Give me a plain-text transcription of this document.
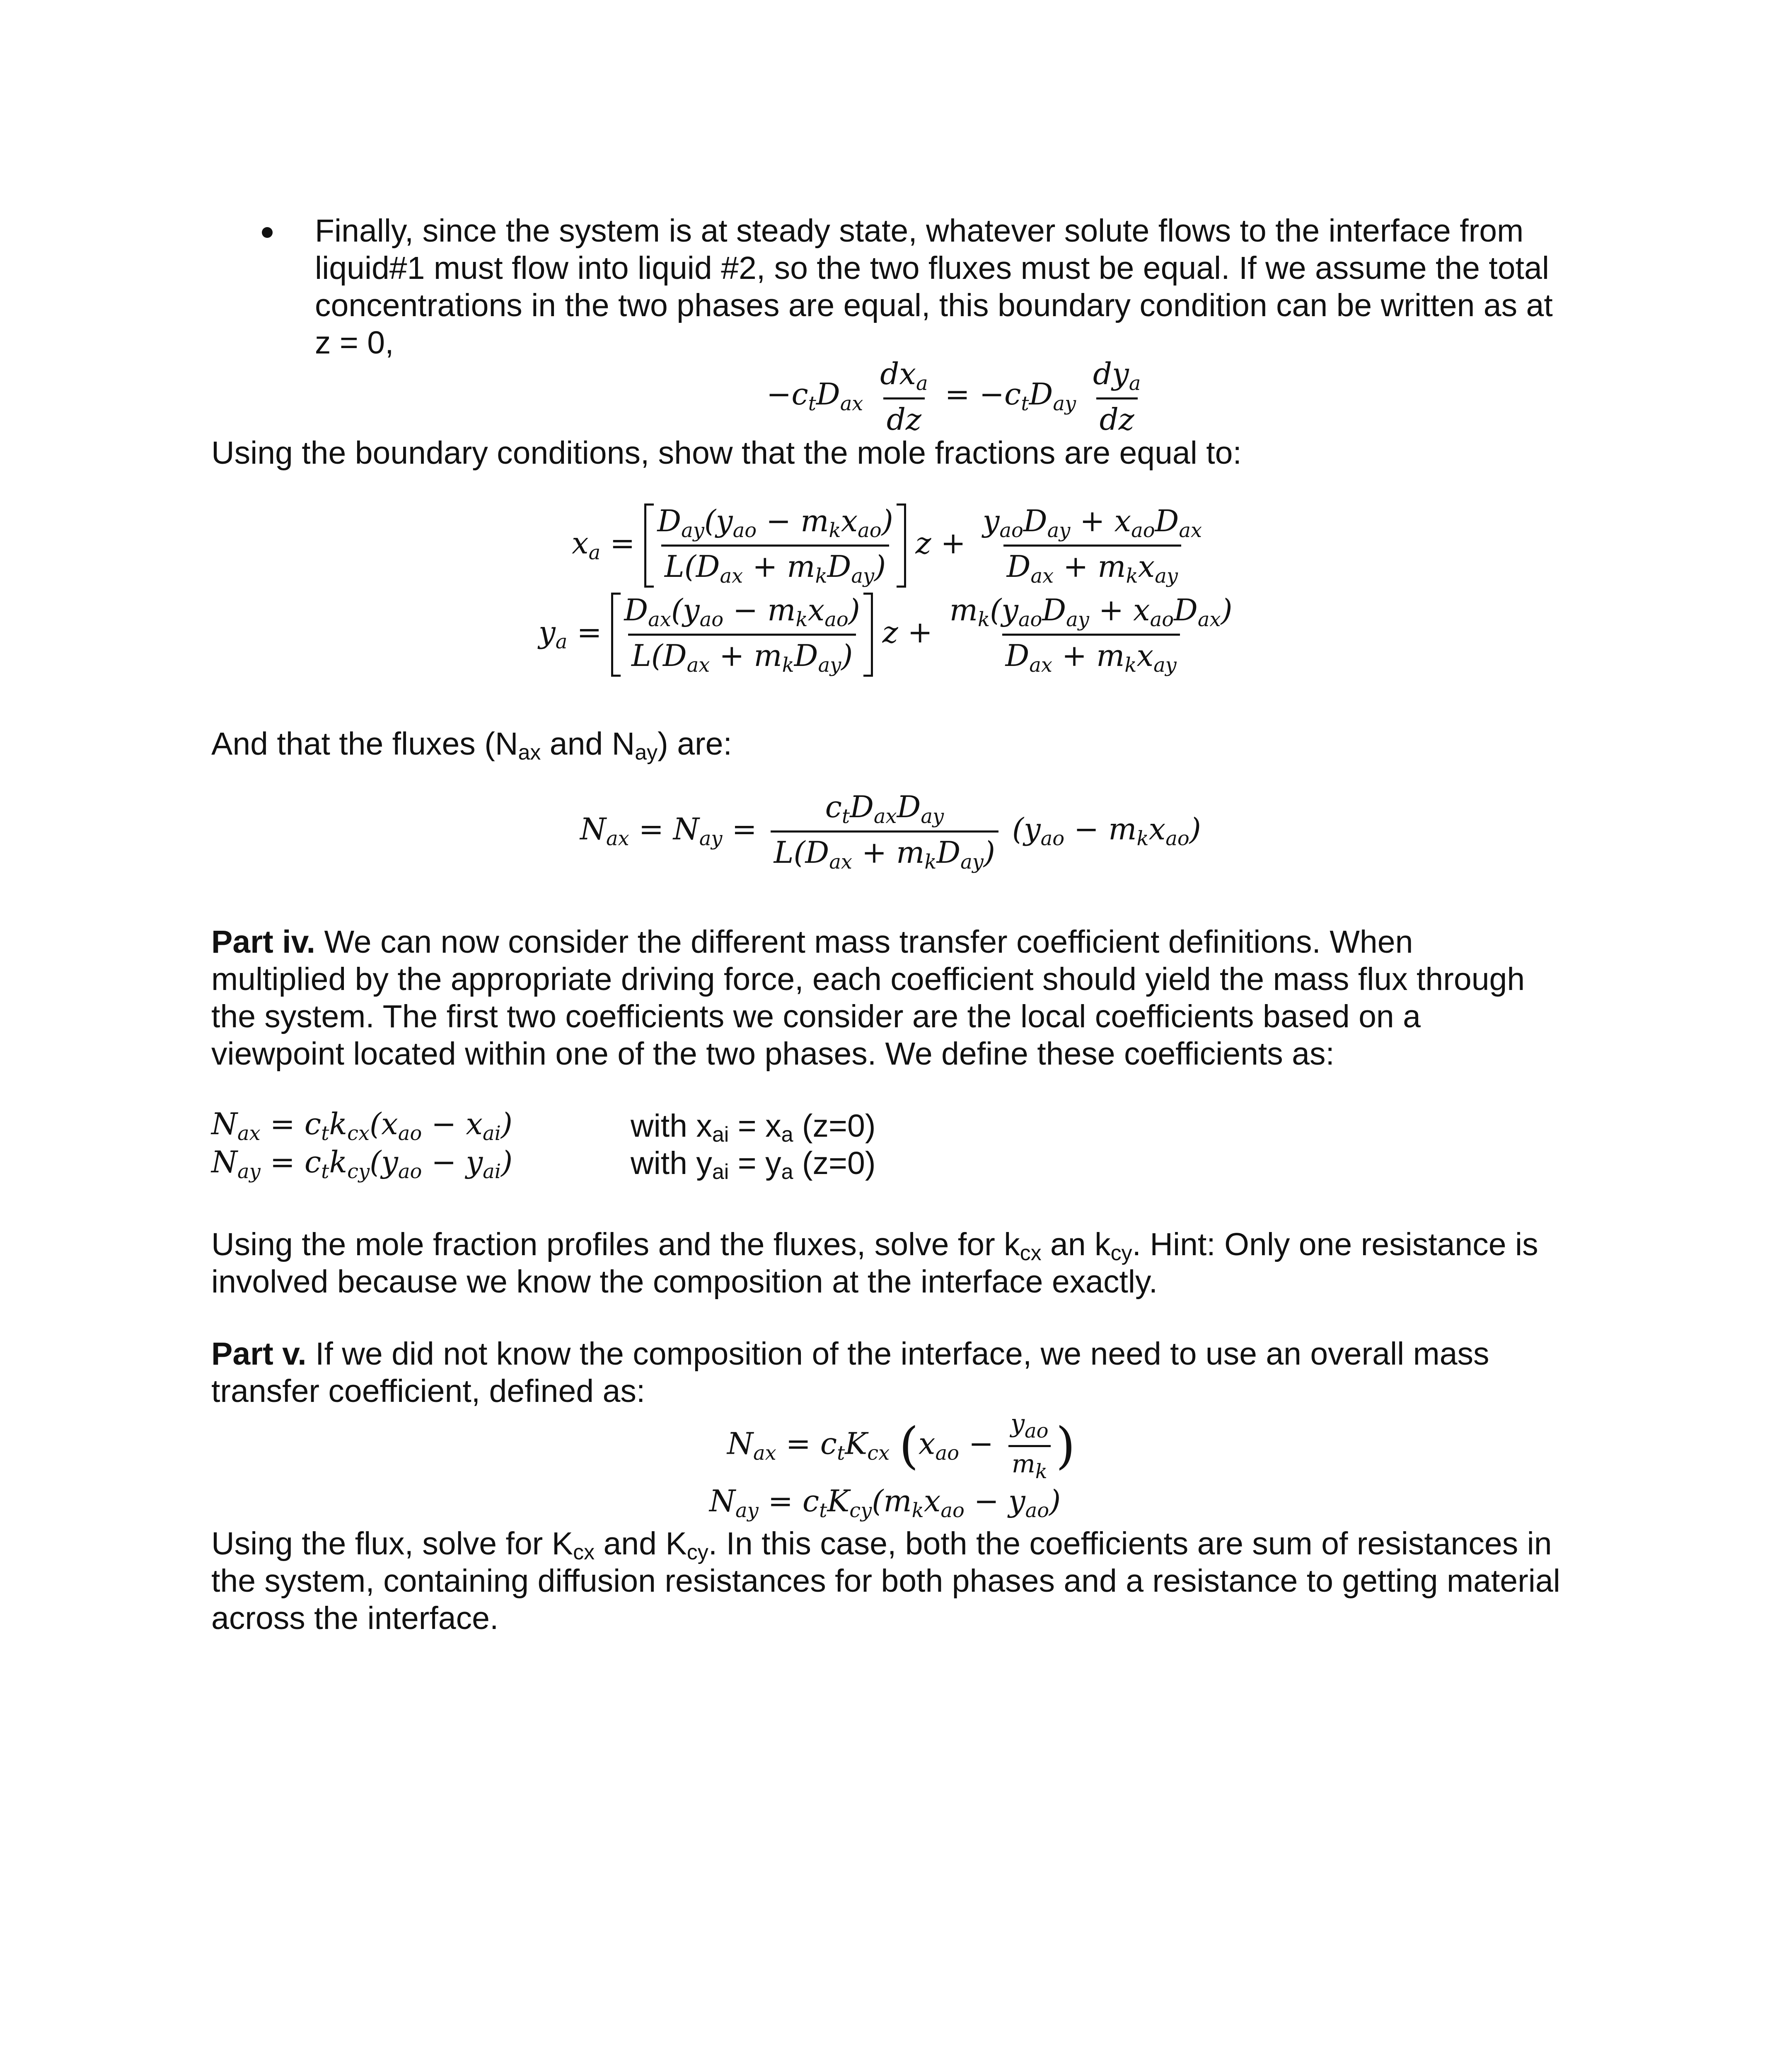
Finally, since the system is at steady state, whatever solute flows to the interface from
liquid#1 must flow into liquid #2, so the two fluxes must be equal. If we assume the total
concentrations in the two phases are equal, this boundary condition can be written as at
z = 0,
$-c_tD_{ax} \frac{dx_a}{dz} = -c_tD_{ay} \frac{dy_a}{dz}$
Using the boundary conditions, show that the mole fractions are equal to:
$x_a = \frac{D_{ay}(y_{ao} - m_kx_{ao})}{L(D_{ax} + m_kD_{ay})}$ $z + \frac{y_{ao}D_{ay} + x_{ao}D_{ax}}{D_{ax} + m_kx_{ay}}$
$y_a = \frac{D_{ax}(y_{ao} - m_kx_{ao})}{L(D_{ax} + m_kD_{ay})}$ $z + \frac{m_k(y_{ao}D_{ay} + x_{ao}D_{ax})}{D_{ax} + m_kx_{ay}}$
And that the fluxes (Nax and Nay) are:
$N_{ax} = N_{ay} = \frac{c_tD_{ax}D_{ay}}{L(D_{ax} + m_kD_{ay})} (y_{ao} - m_kx_{ao})$
Part iv. We can now consider the different mass transfer coefficient definitions. When
multiplied by the appropriate driving force, each coefficient should yield the mass flux through
the system. The first two coefficients we consider are the local coefficients based on a
viewpoint located within one of the two phases. We define these coefficients as:
$N_{ax} = c_tk_{cx}(x_{ao} - x_{ai})$
$N_{ay} = c_tk_{cy}(y_{ao} - y_{ai})$
with xai = xa (z=0)
with yai = ya (z=0)
Using the mole fraction profiles and the fluxes, solve for kcx an kcy. Hint: Only one resistance is
involved because we know the composition at the interface exactly.
Part v. If we did not know the composition of the interface, we need to use an overall mass
transfer coefficient, defined as:
$N_{ax} = c_tK_{cx}$ ($x_{ao} - \frac{y_{ao}}{m_k}$ )
$N_{ay} = c_tK_{cy}(m_kx_{ao} - y_{ao})$
Using the flux, solve for Kcx and Kcy. In this case, both the coefficients are sum of resistances in
the system, containing diffusion resistances for both phases and a resistance to getting material
across the interface.
